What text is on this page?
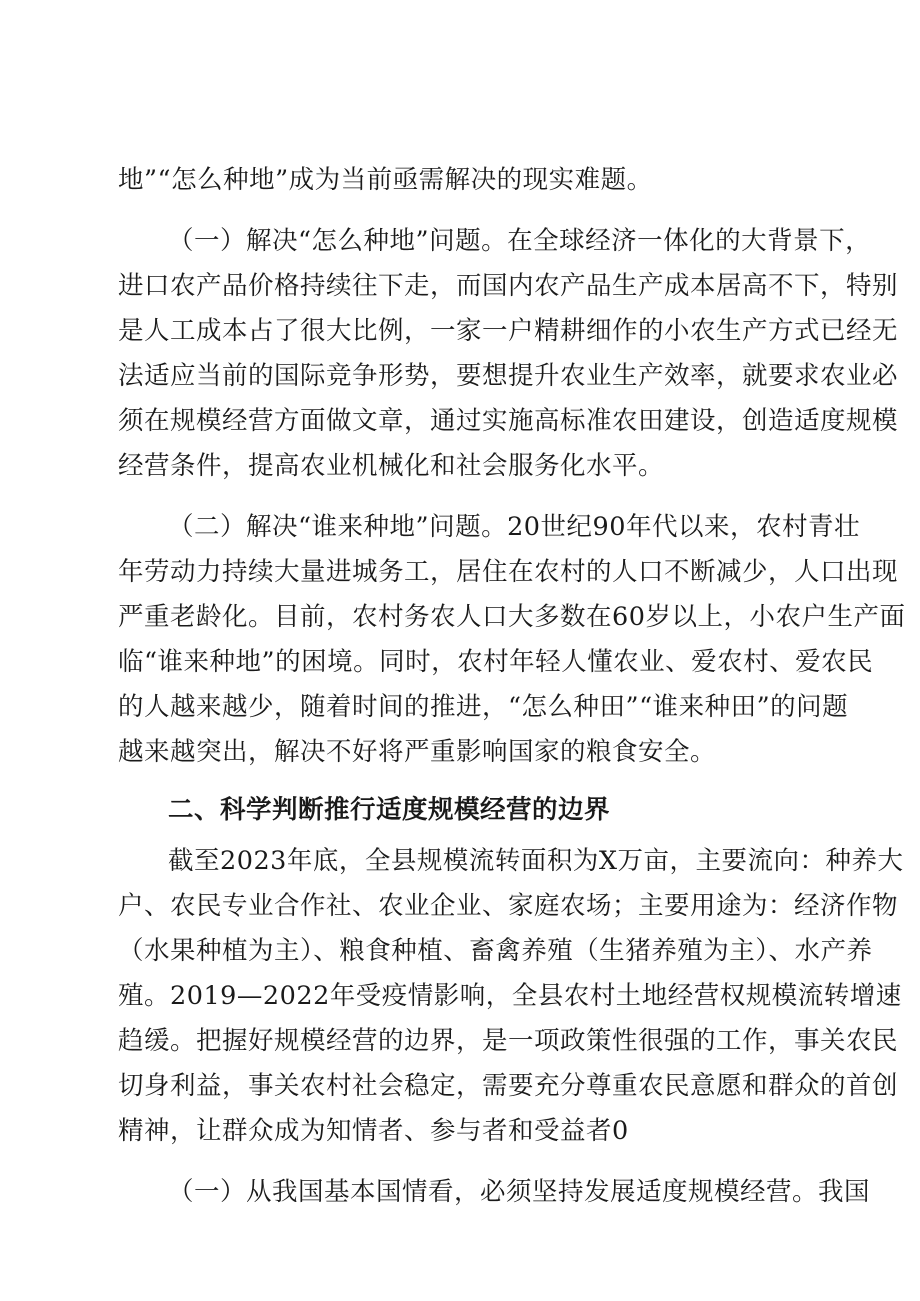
地”“怎么种地”成为当前亟需解决的现实难题。
（一）解决“怎么种地”问题。在全球经济一体化的大背景下，
进口农产品价格持续往下走，而国内农产品生产成本居高不下，特别
是人工成本占了很大比例，一家一户精耕细作的小农生产方式已经无
法适应当前的国际竞争形势，要想提升农业生产效率，就要求农业必
须在规模经营方面做文章，通过实施高标准农田建设，创造适度规模
经营条件，提高农业机械化和社会服务化水平。
（二）解决“谁来种地”问题。20世纪90年代以来，农村青壮
年劳动力持续大量进城务工，居住在农村的人口不断减少，人口出现
严重老龄化。目前，农村务农人口大多数在60岁以上，小农户生产面
临“谁来种地”的困境。同时，农村年轻人懂农业、爱农村、爱农民
的人越来越少，随着时间的推进，“怎么种田”“谁来种田”的问题
越来越突出，解决不好将严重影响国家的粮食安全。
二、科学判断推行适度规模经营的边界
截至2023年底，全县规模流转面积为X万亩，主要流向：种养大
户、农民专业合作社、农业企业、家庭农场；主要用途为：经济作物
（水果种植为主）、粮食种植、畜禽养殖（生猪养殖为主）、水产养
殖。2019—2022年受疫情影响，全县农村土地经营权规模流转增速
趋缓。把握好规模经营的边界，是一项政策性很强的工作，事关农民
切身利益，事关农村社会稳定，需要充分尊重农民意愿和群众的首创
精神，让群众成为知情者、参与者和受益者0
（一）从我国基本国情看，必须坚持发展适度规模经营。我国
